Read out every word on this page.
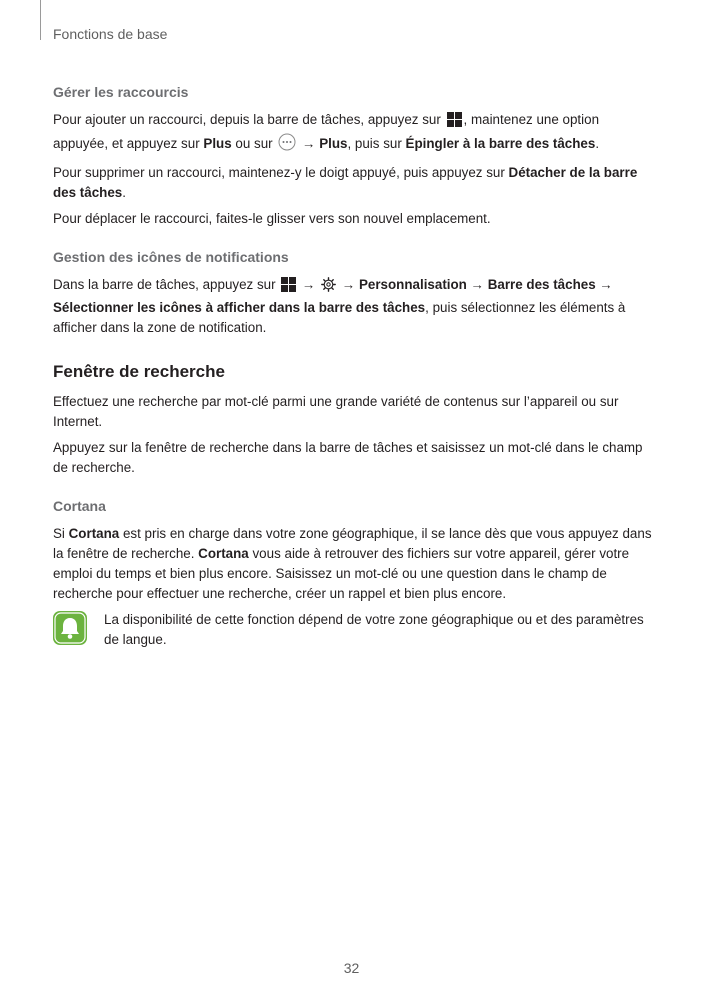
Fonctions de base
Gérer les raccourcis

Pour ajouter un raccourci, depuis la barre de tâches, appuyez sur , maintenez une option appuyée, et appuyez sur Plus ou sur  → Plus, puis sur Épingler à la barre des tâches.

Pour supprimer un raccourci, maintenez-y le doigt appuyé, puis appuyez sur Détacher de la barre des tâches.

Pour déplacer le raccourci, faites-le glisser vers son nouvel emplacement.

Gestion des icônes de notifications

Dans la barre de tâches, appuyez sur  →  → Personnalisation → Barre des tâches → Sélectionner les icônes à afficher dans la barre des tâches, puis sélectionnez les éléments à afficher dans la zone de notification.

Fenêtre de recherche

Effectuez une recherche par mot-clé parmi une grande variété de contenus sur l’appareil ou sur Internet.

Appuyez sur la fenêtre de recherche dans la barre de tâches et saisissez un mot-clé dans le champ de recherche.

Cortana

Si Cortana est pris en charge dans votre zone géographique, il se lance dès que vous appuyez dans la fenêtre de recherche. Cortana vous aide à retrouver des fichiers sur votre appareil, gérer votre emploi du temps et bien plus encore. Saisissez un mot-clé ou une question dans le champ de recherche pour effectuer une recherche, créer un rappel et bien plus encore.

La disponibilité de cette fonction dépend de votre zone géographique ou et des paramètres de langue.

32
